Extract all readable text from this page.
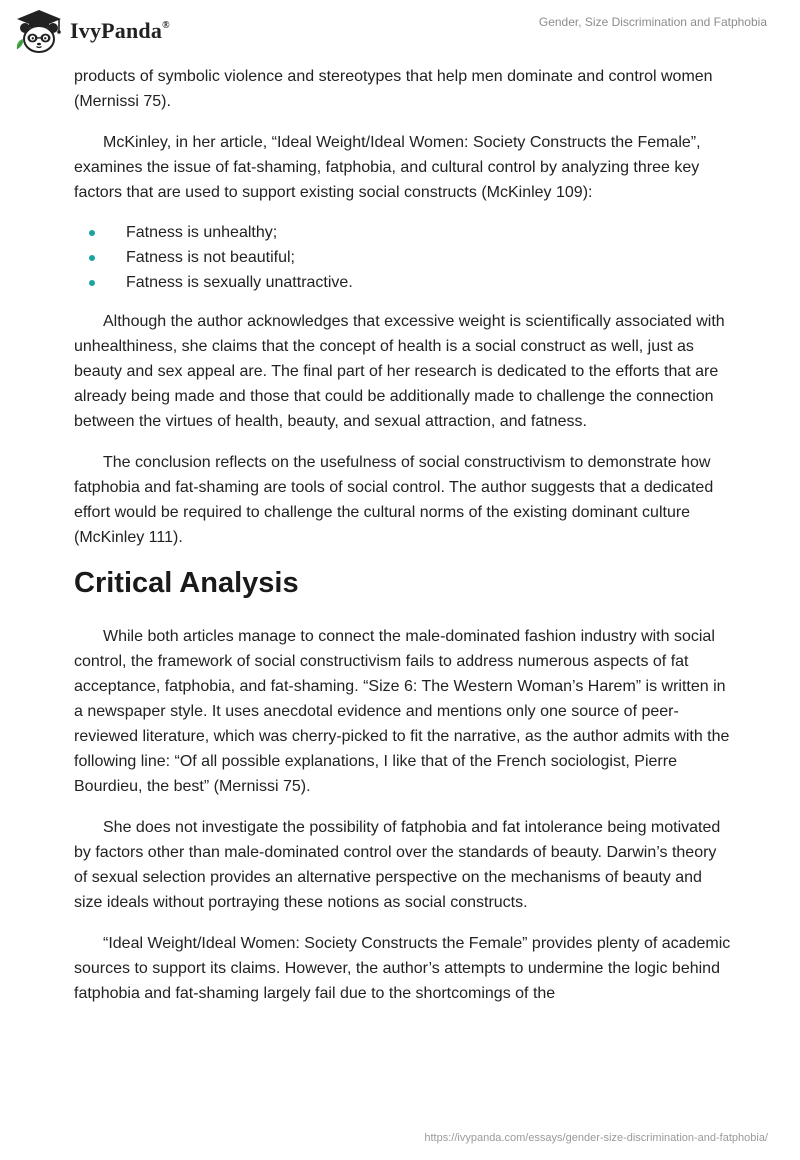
IvyPanda®	Gender, Size Discrimination and Fatphobia

products of symbolic violence and stereotypes that help men dominate and control women (Mernissi 75).

McKinley, in her article, “Ideal Weight/Ideal Women: Society Constructs the Female”, examines the issue of fat-shaming, fatphobia, and cultural control by analyzing three key factors that are used to support existing social constructs (McKinley 109):

Fatness is unhealthy;
Fatness is not beautiful;
Fatness is sexually unattractive.

Although the author acknowledges that excessive weight is scientifically associated with unhealthiness, she claims that the concept of health is a social construct as well, just as beauty and sex appeal are. The final part of her research is dedicated to the efforts that are already being made and those that could be additionally made to challenge the connection between the virtues of health, beauty, and sexual attraction, and fatness.

The conclusion reflects on the usefulness of social constructivism to demonstrate how fatphobia and fat-shaming are tools of social control. The author suggests that a dedicated effort would be required to challenge the cultural norms of the existing dominant culture (McKinley 111).

Critical Analysis

While both articles manage to connect the male-dominated fashion industry with social control, the framework of social constructivism fails to address numerous aspects of fat acceptance, fatphobia, and fat-shaming. “Size 6: The Western Woman’s Harem” is written in a newspaper style. It uses anecdotal evidence and mentions only one source of peer-reviewed literature, which was cherry-picked to fit the narrative, as the author admits with the following line: “Of all possible explanations, I like that of the French sociologist, Pierre Bourdieu, the best” (Mernissi 75).

She does not investigate the possibility of fatphobia and fat intolerance being motivated by factors other than male-dominated control over the standards of beauty. Darwin’s theory of sexual selection provides an alternative perspective on the mechanisms of beauty and size ideals without portraying these notions as social constructs.

“Ideal Weight/Ideal Women: Society Constructs the Female” provides plenty of academic sources to support its claims. However, the author’s attempts to undermine the logic behind fatphobia and fat-shaming largely fail due to the shortcomings of the

https://ivypanda.com/essays/gender-size-discrimination-and-fatphobia/
